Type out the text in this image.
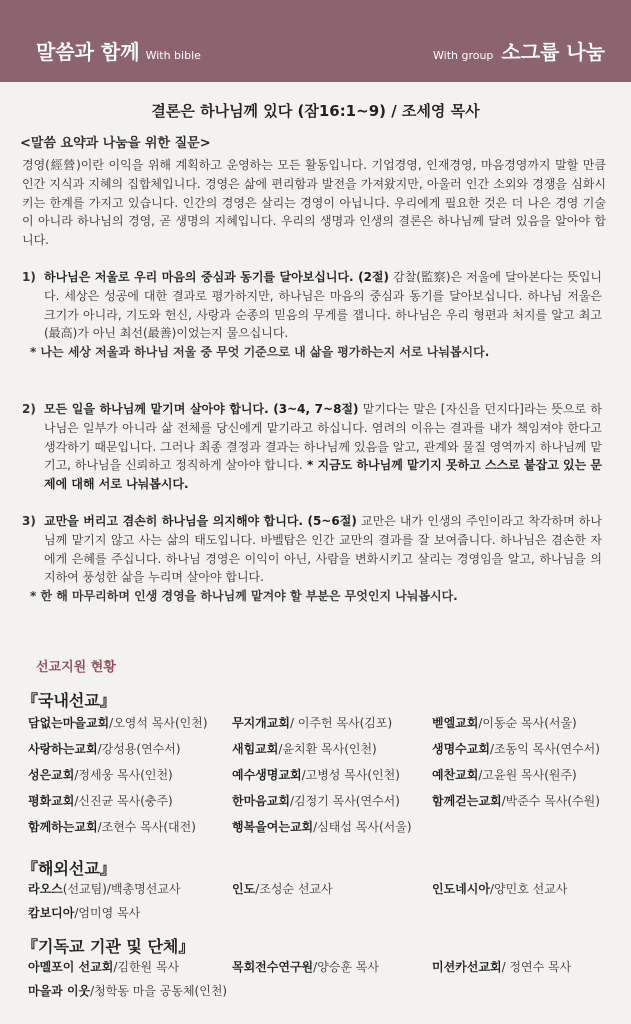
말씀과 함께 With bible	With group 소그룹 나눔
결론은 하나님께 있다 (잠16:1~9) / 조세영 목사
<말씀 요약과 나눔을 위한 질문>
경영(經營)이란 이익을 위해 계획하고 운영하는 모든 활동입니다. 기업경영, 인재경영, 마음경영까지 말할 만큼 인간 지식과 지혜의 집합체입니다. 경영은 삶에 편리함과 발전을 가져왔지만, 아울러 인간 소외와 경쟁을 심화시키는 한계를 가지고 있습니다. 인간의 경영은 살리는 경영이 아닙니다. 우리에게 필요한 것은 더 나은 경영 기술이 아니라 하나님의 경영, 곧 생명의 지혜입니다. 우리의 생명과 인생의 결론은 하나님께 달려 있음을 알아야 합니다.
1) 하나님은 저울로 우리 마음의 중심과 동기를 달아보십니다. (2절) 감찰(監察)은 저울에 달아본다는 뜻입니다. 세상은 성공에 대한 결과로 평가하지만, 하나님은 마음의 중심과 동기를 달아보십니다. 하나님 저울은 크기가 아니라, 기도와 헌신, 사랑과 순종의 믿음의 무게를 잽니다. 하나님은 우리 형편과 처지를 알고 최고(最高)가 아닌 최선(最善)이었는지 물으십니다.
* 나는 세상 저울과 하나님 저울 중 무엇 기준으로 내 삶을 평가하는지 서로 나눠봅시다.
2) 모든 일을 하나님께 맡기며 살아야 합니다. (3~4, 7~8절) 맡기다는 말은 [자신을 던지다]라는 뜻으로 하나님은 일부가 아니라 삶 전체를 당신에게 맡기라고 하십니다. 염려의 이유는 결과를 내가 책임져야 한다고 생각하기 때문입니다. 그러나 최종 결정과 결과는 하나님께 있음을 알고, 관계와 물질 영역까지 하나님께 맡기고, 하나님을 신뢰하고 정직하게 살아야 합니다. * 지금도 하나님께 맡기지 못하고 스스로 붙잡고 있는 문제에 대해 서로 나눠봅시다.
3) 교만을 버리고 겸손히 하나님을 의지해야 합니다. (5~6절) 교만은 내가 인생의 주인이라고 착각하며 하나님께 맡기지 않고 사는 삶의 태도입니다. 바벨탑은 인간 교만의 결과를 잘 보여줍니다. 하나님은 겸손한 자에게 은혜를 주십니다. 하나님 경영은 이익이 아닌, 사람을 변화시키고 살리는 경영임을 알고, 하나님을 의지하여 풍성한 삶을 누리며 살아야 합니다.
* 한 해 마무리하며 인생 경영을 하나님께 맡겨야 할 부분은 무엇인지 나눠봅시다.
선교지원 현황
『국내선교』
담없는마을교회/오영석 목사(인천) 무지개교회/ 이주헌 목사(김포)	벧엘교회/이동순 목사(서울)
사랑하는교회/강성용(연수서)	새힘교회/윤치환 목사(인천)	생명수교회/조동익 목사(연수서)
성은교회/정세웅 목사(인천)	예수생명교회/고병성 목사(인천)	예찬교회/고윤원 목사(원주)
평화교회/신진균 목사(충주)	한마음교회/김정기 목사(연수서)	함께걷는교회/박준수 목사(수원)
함께하는교회/조현수 목사(대전)	행복을여는교회/심태섭 목사(서울)
『해외선교』
라오스(선교팀)/백총명선교사	인도/조성순 선교사	인도네시아/양민호 선교사
캄보디아/엄미영 목사
『기독교 기관 및 단체』
아멜포이 선교회/김한원 목사	목회전수연구원/양승훈 목사	미션카선교회/ 정연수 목사
마을과 이웃/청학동 마을 공동체(인천)
